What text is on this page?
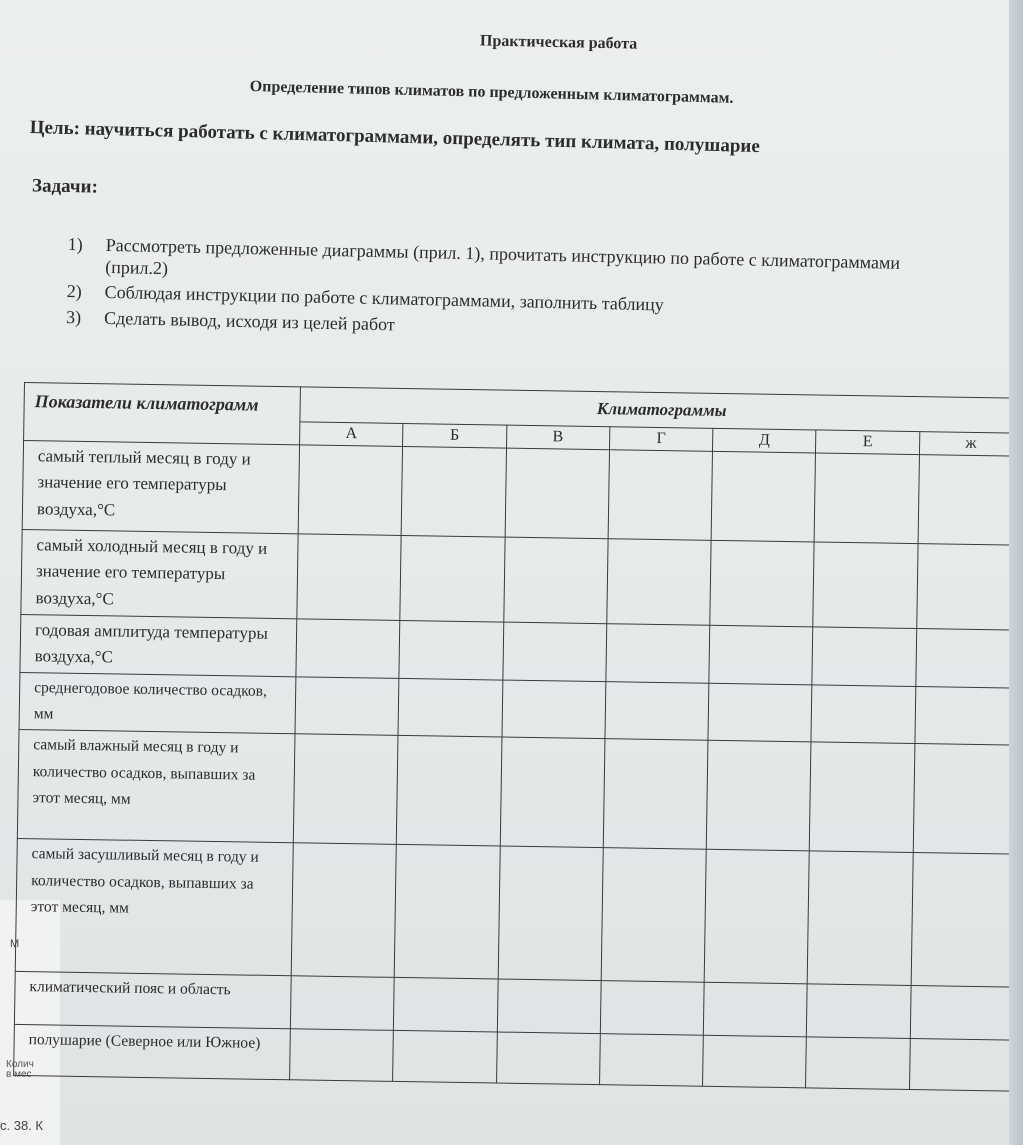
Практическая работа
Определение типов климатов по предложенным климатограммам.
Цель: научиться работать с климатограммами, определять тип климата, полушарие
Задачи:
1)	Рассмотреть предложенные диаграммы (прил. 1), прочитать инструкцию по работе с климатограммами (прил.2)
2)	Соблюдая инструкции по работе с климатограммами, заполнить таблицу
3)	Сделать вывод, исходя из целей работ
Показатели климатограмм	Климатограммы						
	А	Б	В	Г	Д	Е	ж
самый теплый месяц в году и значение его температуры воздуха,°С							
самый холодный месяц в году и значение его температуры воздуха,°С							
годовая амплитуда температуры воздуха,°С							
среднегодовое количество осадков, мм							
самый влажный месяц в году и количество осадков, выпавших за этот месяц, мм							
самый засушливый месяц в году и количество осадков, выпавших за этот месяц, мм							
климатический пояс и область							
полушарие (Северное или Южное)							
М
Колич
в мес
с. 38. К
